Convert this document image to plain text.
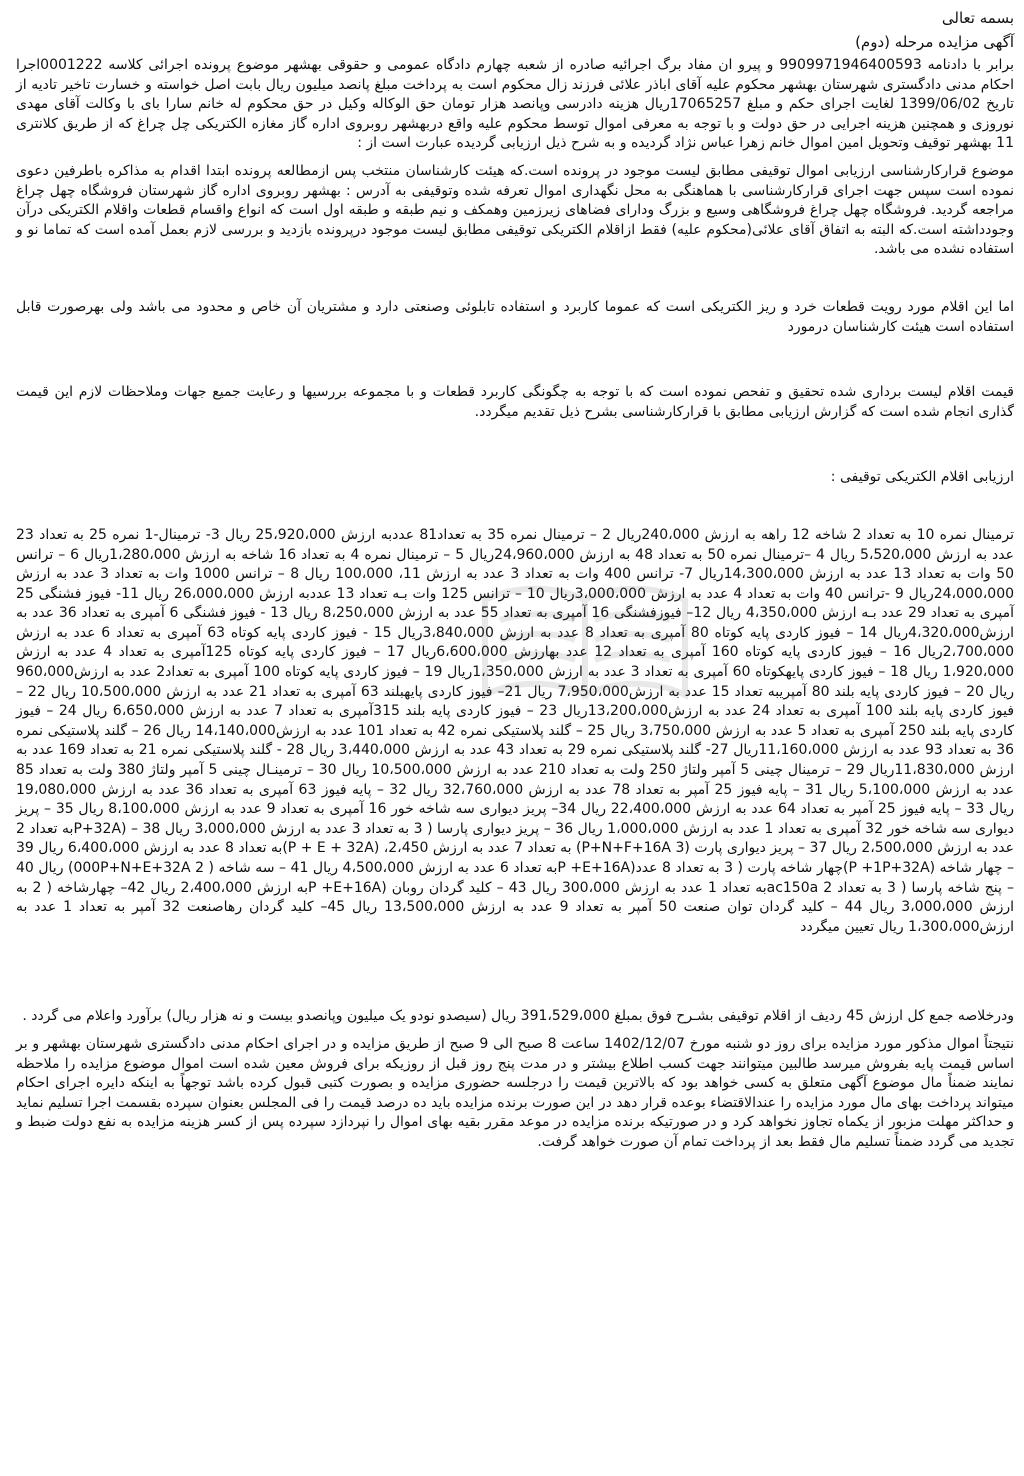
بسمه تعالی

آگهی مزایده مرحله (دوم)

برابر با دادنامه 9909971946400593 و پیرو ان مفاد برگ اجرائیه صادره از شعبه چهارم دادگاه عمومی و حقوقی بهشهر موضوع پرونده اجرائی کلاسه 0001222اجرا احکام مدنی دادگستری شهرستان بهشهر محکوم علیه آقای اباذر علائی فرزند زال محکوم است به پرداخت مبلغ پانصد میلیون ریال بابت اصل خواسته و خسارت تاخیر تادیه از تاریخ 1399/06/02 لغایت اجرای حکم و مبلغ 17065257ریال هزینه دادرسی وپانصد هزار تومان حق الوکاله وکیل در حق محکوم له خانم سارا بای با وکالت آقای مهدی نوروزی و همچنین هزینه اجرایی در حق دولت و با توجه به معرفی اموال توسط محکوم علیه واقع دربهشهر روبروی اداره گاز مغازه الکتریکی چل چراغ که از طریق کلانتری 11 بهشهر توقیف وتحویل امین اموال خانم زهرا عباس نژاد گردیده و به شرح ذیل ارزیابی گردیده عبارت است از :

موضوع قرارکارشناسی ارزیابی اموال توقیفی مطابق لیست موجود در پرونده است.که هیئت کارشناسان منتخب پس ازمطالعه پرونده ابتدا اقدام به مذاکره باطرفین دعوی نموده است سپس جهت اجرای قرارکارشناسی با هماهنگی به محل نگهداری اموال تعرفه شده وتوقیفی به آدرس : بهشهر روبروی اداره گاز شهرستان فروشگاه چهل چراغ مراجعه گردید. فروشگاه چهل چراغ فروشگاهی وسیع و بزرگ ودارای فضاهای زیرزمین وهمکف و نیم طبقه و طبقه اول است که انواع واقسام قطعات واقلام الکتریکی درآن وجودداشته است.که البته به اتفاق آقای علائی(محکوم علیه) فقط ازاقلام الکتریکی توقیفی مطابق لیست موجود درپرونده بازدید و بررسی لازم بعمل آمده است که تماما نو و استفاده نشده می باشد.

اما این اقلام مورد رویت قطعات خرد و ریز الکتریکی است که عموما کاربرد و استفاده تابلوئی وصنعتی دارد و مشتریان آن خاص و محدود می باشد ولی بهرصورت قابل استفاده است هیئت کارشناسان درمورد

قیمت اقلام لیست برداری شده تحقیق و تفحص نموده است که با توجه به چگونگی کاربرد قطعات و با مجموعه بررسیها و رعایت جمیع جهات وملاحظات لازم این قیمت گذاری انجام شده است که گزارش ارزیابی مطابق با قرارکارشناسی بشرح ذیل تقدیم میگردد.

ارزیابی اقلام الکتریکی توقیفی :

ترمینال نمره 10 به تعداد 2 شاخه 12 راهه به ارزش 240،000ریال 2 – ترمینال نمره 35 به تعداد81 عددبه ارزش 25،920،000 ریال 3- ترمینال-1 نمره 25 به تعداد 23 عدد به ارزش 5،520،000 ریال 4 –ترمینال نمره 50 به تعداد 48 به ارزش 24،960،000ریال 5 – ترمینال نمره 4 به تعداد 16 شاخه به ارزش 1،280،000ریال 6 – ترانس 50 وات به تعداد 13 عدد به ارزش 14،300،000ریال 7- ترانس 400 وات به تعداد 3 عدد به ارزش 11، 100،000 ریال 8 – ترانس 1000 وات به تعداد 3 عدد به ارزش 24،000،000ریال 9 -ترانس 40 وات به تعداد 4 عدد به ارزش 3،000،000ریال 10 – ترانس 125 وات بـه تعداد 13 عددبه ارزش 26،000،000 ریال 11- فیوز فشنگی 25 آمپری به تعداد 29 عدد بـه ارزش 4،350،000 ریال 12– فیوزفشنگی 16 آمپری به تعداد 55 عدد به ارزش 8،250،000 ریال 13 - فیوز فشنگی 6 آمپری به تعداد 36 عدد به ارزش4،320،000ریال 14 – فیوز کاردی پایه کوتاه 80 آمپری به تعداد 8 عدد به ارزش 3،840،000ریال 15 - فیوز کاردی پایه کوتاه 63 آمپری به تعداد 6 عدد به ارزش 2،700،000ریال 16 – فیوز کاردی پایه کوتاه 160 آمپری به تعداد 12 عدد بهارزش 6،600،000ریال 17 – فیوز کاردی پایه کوتاه 125آمپری به تعداد 4 عدد به ارزش 1،920،000 ریال 18 – فیوز کاردی پایهکوتاه 60 آمپری به تعداد 3 عدد به ارزش 1،350،000ریال 19 – فیوز کاردی پایه کوتاه 100 آمپری به تعداد2 عدد به ارزش960،000 ریال 20 – فیوز کاردی پایه بلند 80 آمپریبه تعداد 15 عدد به ارزش7،950،000 ریال 21– فیوز کاردی پایهبلند 63 آمپری به تعداد 21 عدد به ارزش 10،500،000 ریال 22 – فیوز کاردی پایه بلند 100 آمپری به تعداد 24 عدد به ارزش13،200،000ریال 23 – فیوز کاردی پایه بلند 315آمپری به تعداد 7 عدد به ارزش 6،650،000 ریال 24 – فیوز کاردی پایه بلند 250 آمپری به تعداد 5 عدد به ارزش 3،750،000 ریال 25 – گلند پلاستیکی نمره 42 به تعداد 101 عدد به ارزش14،140،000 ریال 26 – گلند پلاستیکی نمره 36 به تعداد 93 عدد به ارزش 11،160،000ریال 27- گلند پلاستیکی نمره 29 به تعداد 43 عدد به ارزش 3،440،000 ریال 28 - گلند پلاستیکی نمره 21 به تعداد 169 عدد به ارزش 11،830،000ریال 29 – ترمینال چینی 5 آمپر ولتاژ 250 ولت به تعداد 210 عدد به ارزش 10،500،000 ریال 30 – ترمینـال چینی 5 آمپر ولتاژ 380 ولت به تعداد 85 عدد به ارزش 5،100،000 ریال 31 – پایه فیوز 25 آمپر به تعداد 78 عدد به ارزش 32،760،000 ریال 32 – پایه فیوز 63 آمپری به تعداد 36 عدد به ارزش 19،080،000 ریال 33 – پایه فیوز 25 آمپر به تعداد 64 عدد به ارزش 22،400،000 ریال 34– پریز دیواری سه شاخه خور 16 آمپری به تعداد 9 عدد به ارزش 8،100،000 ریال 35 – پریز دیواری سه شاخه خور 32 آمپری به تعداد 1 عدد به ارزش 1،000،000 ریال 36 – پریز دیواری پارسا ( 3 به تعداد 3 عدد به ارزش 3،000،000 ریال 38 – (P+32Aبه تعداد 2 عدد به ارزش 2،500،000 ریال 37 – پریز دیواری پارت (3 P+N+F+16A) به تعداد 7 عدد به ارزش 2،450، (P + E + 32A)به تعداد 8 عدد به ارزش 6،400،000 ریال 39 – چهار شاخه (P +1P+32A)چهار شاخه پارت ( 3 به تعداد 8 عدد(P +E+16Aبه تعداد 6 عدد به ارزش 4،500،000 ریال 41 – سه شاخه ( 2 000P+N+E+32A) ریال 40 – پنج شاخه پارسا ( 3 به تعداد 2 ac150aبه تعداد 1 عدد به ارزش 300،000 ریال 43 – کلید گردان روبان (P +E+16Aبه ارزش 2،400،000 ریال 42– چهارشاخه ( 2 به ارزش 3،000،000 ریال 44 – کلید گردان توان صنعت 50 آمپر به تعداد 9 عدد به ارزش 13،500،000 ریال 45– کلید گردان رهاصنعت 32 آمپر به تعداد 1 عدد به ارزش1،300،000 ریال تعیین میگردد

ودرخلاصه جمع کل ارزش 45 ردیف از اقلام توقیفی بشـرح فوق بمبلغ 391،529،000 ریال (سیصدو نودو یک میلیون وپانصدو بیست و نه هزار ریال) برآورد واعلام می گردد .

نتیجتاً اموال مذکور مورد مزایده برای روز دو شنبه مورخ 1402/12/07 ساعت 8 صبح الی 9 صبح از طریق مزایده و در اجرای احکام مدنی دادگستری شهرستان بهشهر و بر اساس قیمت پایه بفروش میرسد طالبین میتوانند جهت کسب اطلاع بیشتر و در مدت پنج روز قبل از روزیکه برای فروش معین شده است اموال موضوع مزایده را ملاحظه نمایند ضمناً مال موضوع آگهی متعلق به کسی خواهد بود که بالاترین قیمت را درجلسه حضوری مزایده و بصورت کتبی قبول کرده باشد توجهاً به اینکه دایره اجرای احکام میتواند پرداخت بهای مال مورد مزایده را عندالاقتضاء بوعده قرار دهد در این صورت برنده مزایده باید ده درصد قیمت را فی المجلس بعنوان سپرده بقسمت اجرا تسلیم نماید و حداکثر مهلت مزبور از یکماه تجاوز نخواهد کرد و در صورتیکه برنده مزایده در موعد مقرر بقیه بهای اموال را نپردازد سپرده پس از کسر هزینه مزایده به نفع دولت ضبط و تجدید می گردد ضمناً تسلیم مال فقط بعد از پرداخت تمام آن صورت خواهد گرفت.
